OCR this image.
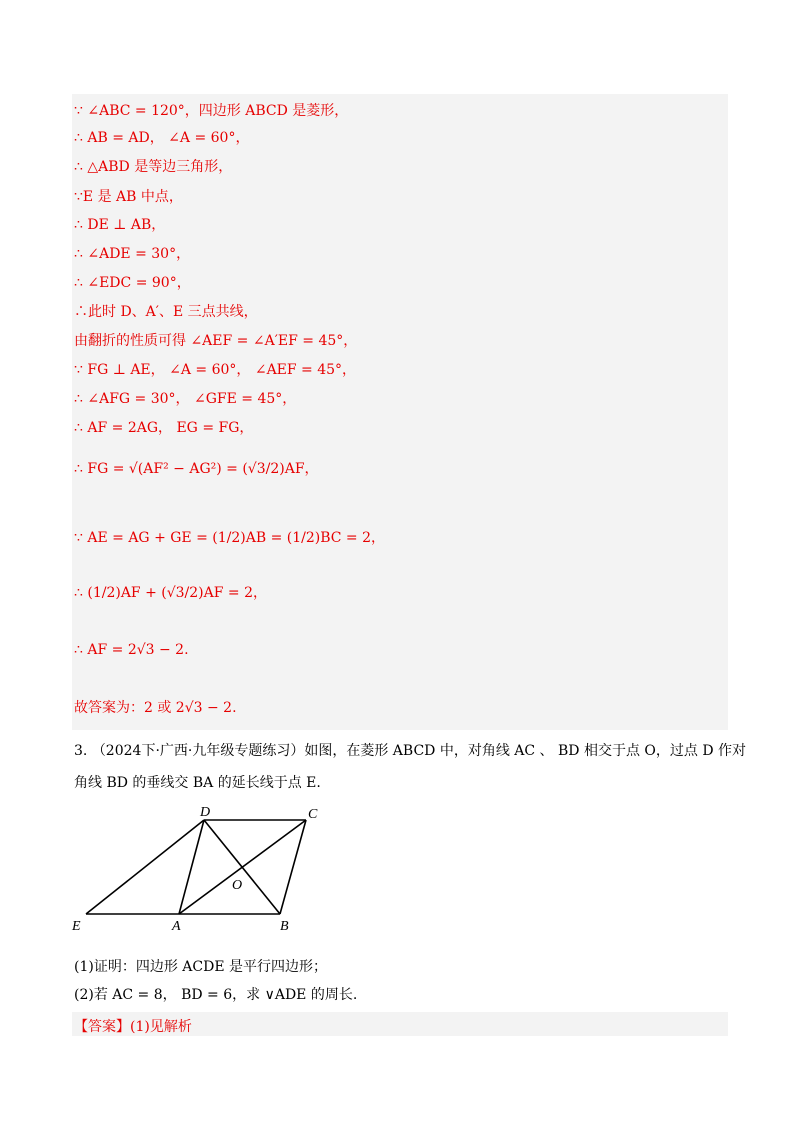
∵ ∠ABC = 120°，四边形 ABCD 是菱形，
∴ AB = AD， ∠A = 60°，
∴ △ABD 是等边三角形，
∵E 是 AB 中点，
∴ DE ⊥ AB，
∴ ∠ADE = 30°，
∴ ∠EDC = 90°，
∴此时 D、A′、E 三点共线，
由翻折的性质可得 ∠AEF = ∠A′EF = 45°，
∵ FG ⊥ AE， ∠A = 60°， ∠AEF = 45°，
∴ ∠AFG = 30°， ∠GFE = 45°，
∴ AF = 2AG， EG = FG，
∴ FG = √(AF² − AG²) = (√3/2)AF，
∵ AE = AG + GE = (1/2)AB = (1/2)BC = 2，
∴ (1/2)AF + (√3/2)AF = 2，
∴ AF = 2√3 − 2.
故答案为：2 或 2√3 − 2.
3. （2024下·广西·九年级专题练习）如图，在菱形 ABCD 中，对角线 AC 、 BD 相交于点 O，过点 D 作对
角线 BD 的垂线交 BA 的延长线于点 E.
D	C
O
E	A	B
(1)证明：四边形 ACDE 是平行四边形；
(2)若 AC = 8， BD = 6，求 ∨ADE 的周长.
【答案】(1)见解析
